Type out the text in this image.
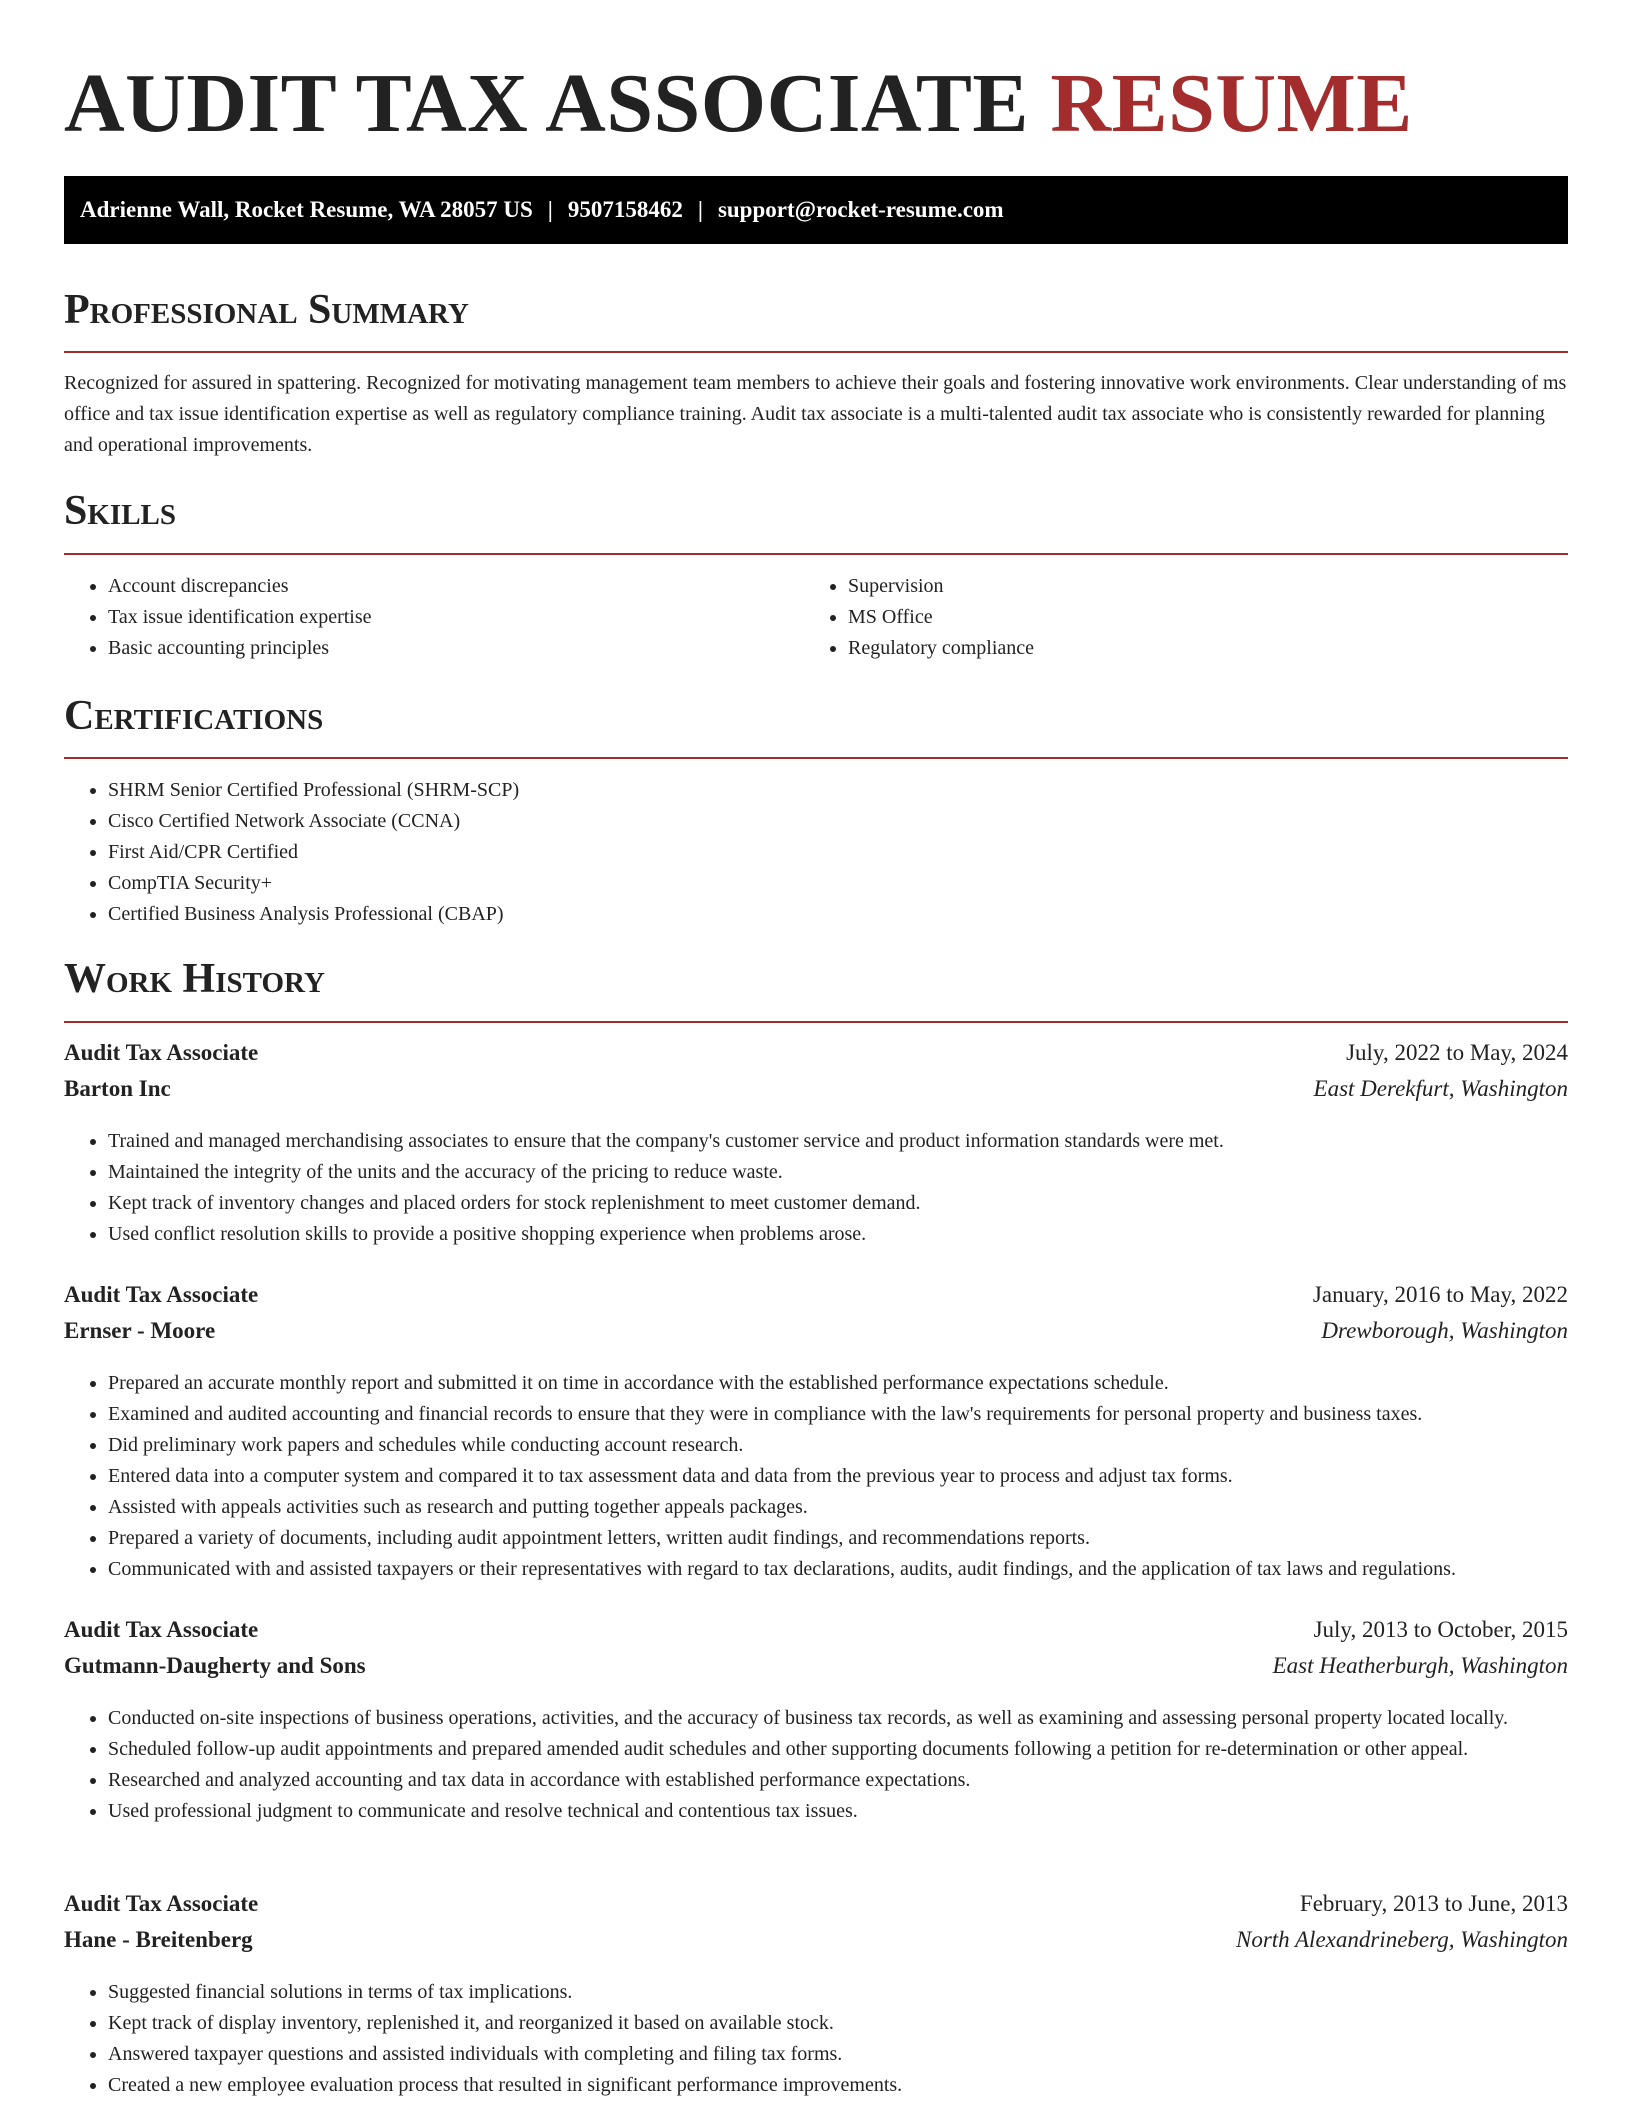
AUDIT TAX ASSOCIATE RESUME
Adrienne Wall, Rocket Resume, WA 28057 US | 9507158462 | support@rocket-resume.com
Professional Summary

Recognized for assured in spattering. Recognized for motivating management team members to achieve their goals and fostering innovative work environments. Clear understanding of ms office and tax issue identification expertise as well as regulatory compliance training. Audit tax associate is a multi-talented audit tax associate who is consistently rewarded for planning and operational improvements.

Skills
• Account discrepancies
• Tax issue identification expertise
• Basic accounting principles
• Supervision
• MS Office
• Regulatory compliance
Certifications
• SHRM Senior Certified Professional (SHRM-SCP)
• Cisco Certified Network Associate (CCNA)
• First Aid/CPR Certified
• CompTIA Security+
• Certified Business Analysis Professional (CBAP)
Work History
Audit Tax Associate	July, 2022 to May, 2024
Barton Inc	East Derekfurt, Washington
• Trained and managed merchandising associates to ensure that the company's customer service and product information standards were met.
• Maintained the integrity of the units and the accuracy of the pricing to reduce waste.
• Kept track of inventory changes and placed orders for stock replenishment to meet customer demand.
• Used conflict resolution skills to provide a positive shopping experience when problems arose.
Audit Tax Associate	January, 2016 to May, 2022
Ernser - Moore	Drewborough, Washington
• Prepared an accurate monthly report and submitted it on time in accordance with the established performance expectations schedule.
• Examined and audited accounting and financial records to ensure that they were in compliance with the law's requirements for personal property and business taxes.
• Did preliminary work papers and schedules while conducting account research.
• Entered data into a computer system and compared it to tax assessment data and data from the previous year to process and adjust tax forms.
• Assisted with appeals activities such as research and putting together appeals packages.
• Prepared a variety of documents, including audit appointment letters, written audit findings, and recommendations reports.
• Communicated with and assisted taxpayers or their representatives with regard to tax declarations, audits, audit findings, and the application of tax laws and regulations.
Audit Tax Associate	July, 2013 to October, 2015
Gutmann-Daugherty and Sons	East Heatherburgh, Washington
• Conducted on-site inspections of business operations, activities, and the accuracy of business tax records, as well as examining and assessing personal property located locally.
• Scheduled follow-up audit appointments and prepared amended audit schedules and other supporting documents following a petition for re-determination or other appeal.
• Researched and analyzed accounting and tax data in accordance with established performance expectations.
• Used professional judgment to communicate and resolve technical and contentious tax issues.
Audit Tax Associate	February, 2013 to June, 2013
Hane - Breitenberg	North Alexandrineberg, Washington
• Suggested financial solutions in terms of tax implications.
• Kept track of display inventory, replenished it, and reorganized it based on available stock.
• Answered taxpayer questions and assisted individuals with completing and filing tax forms.
• Created a new employee evaluation process that resulted in significant performance improvements.
